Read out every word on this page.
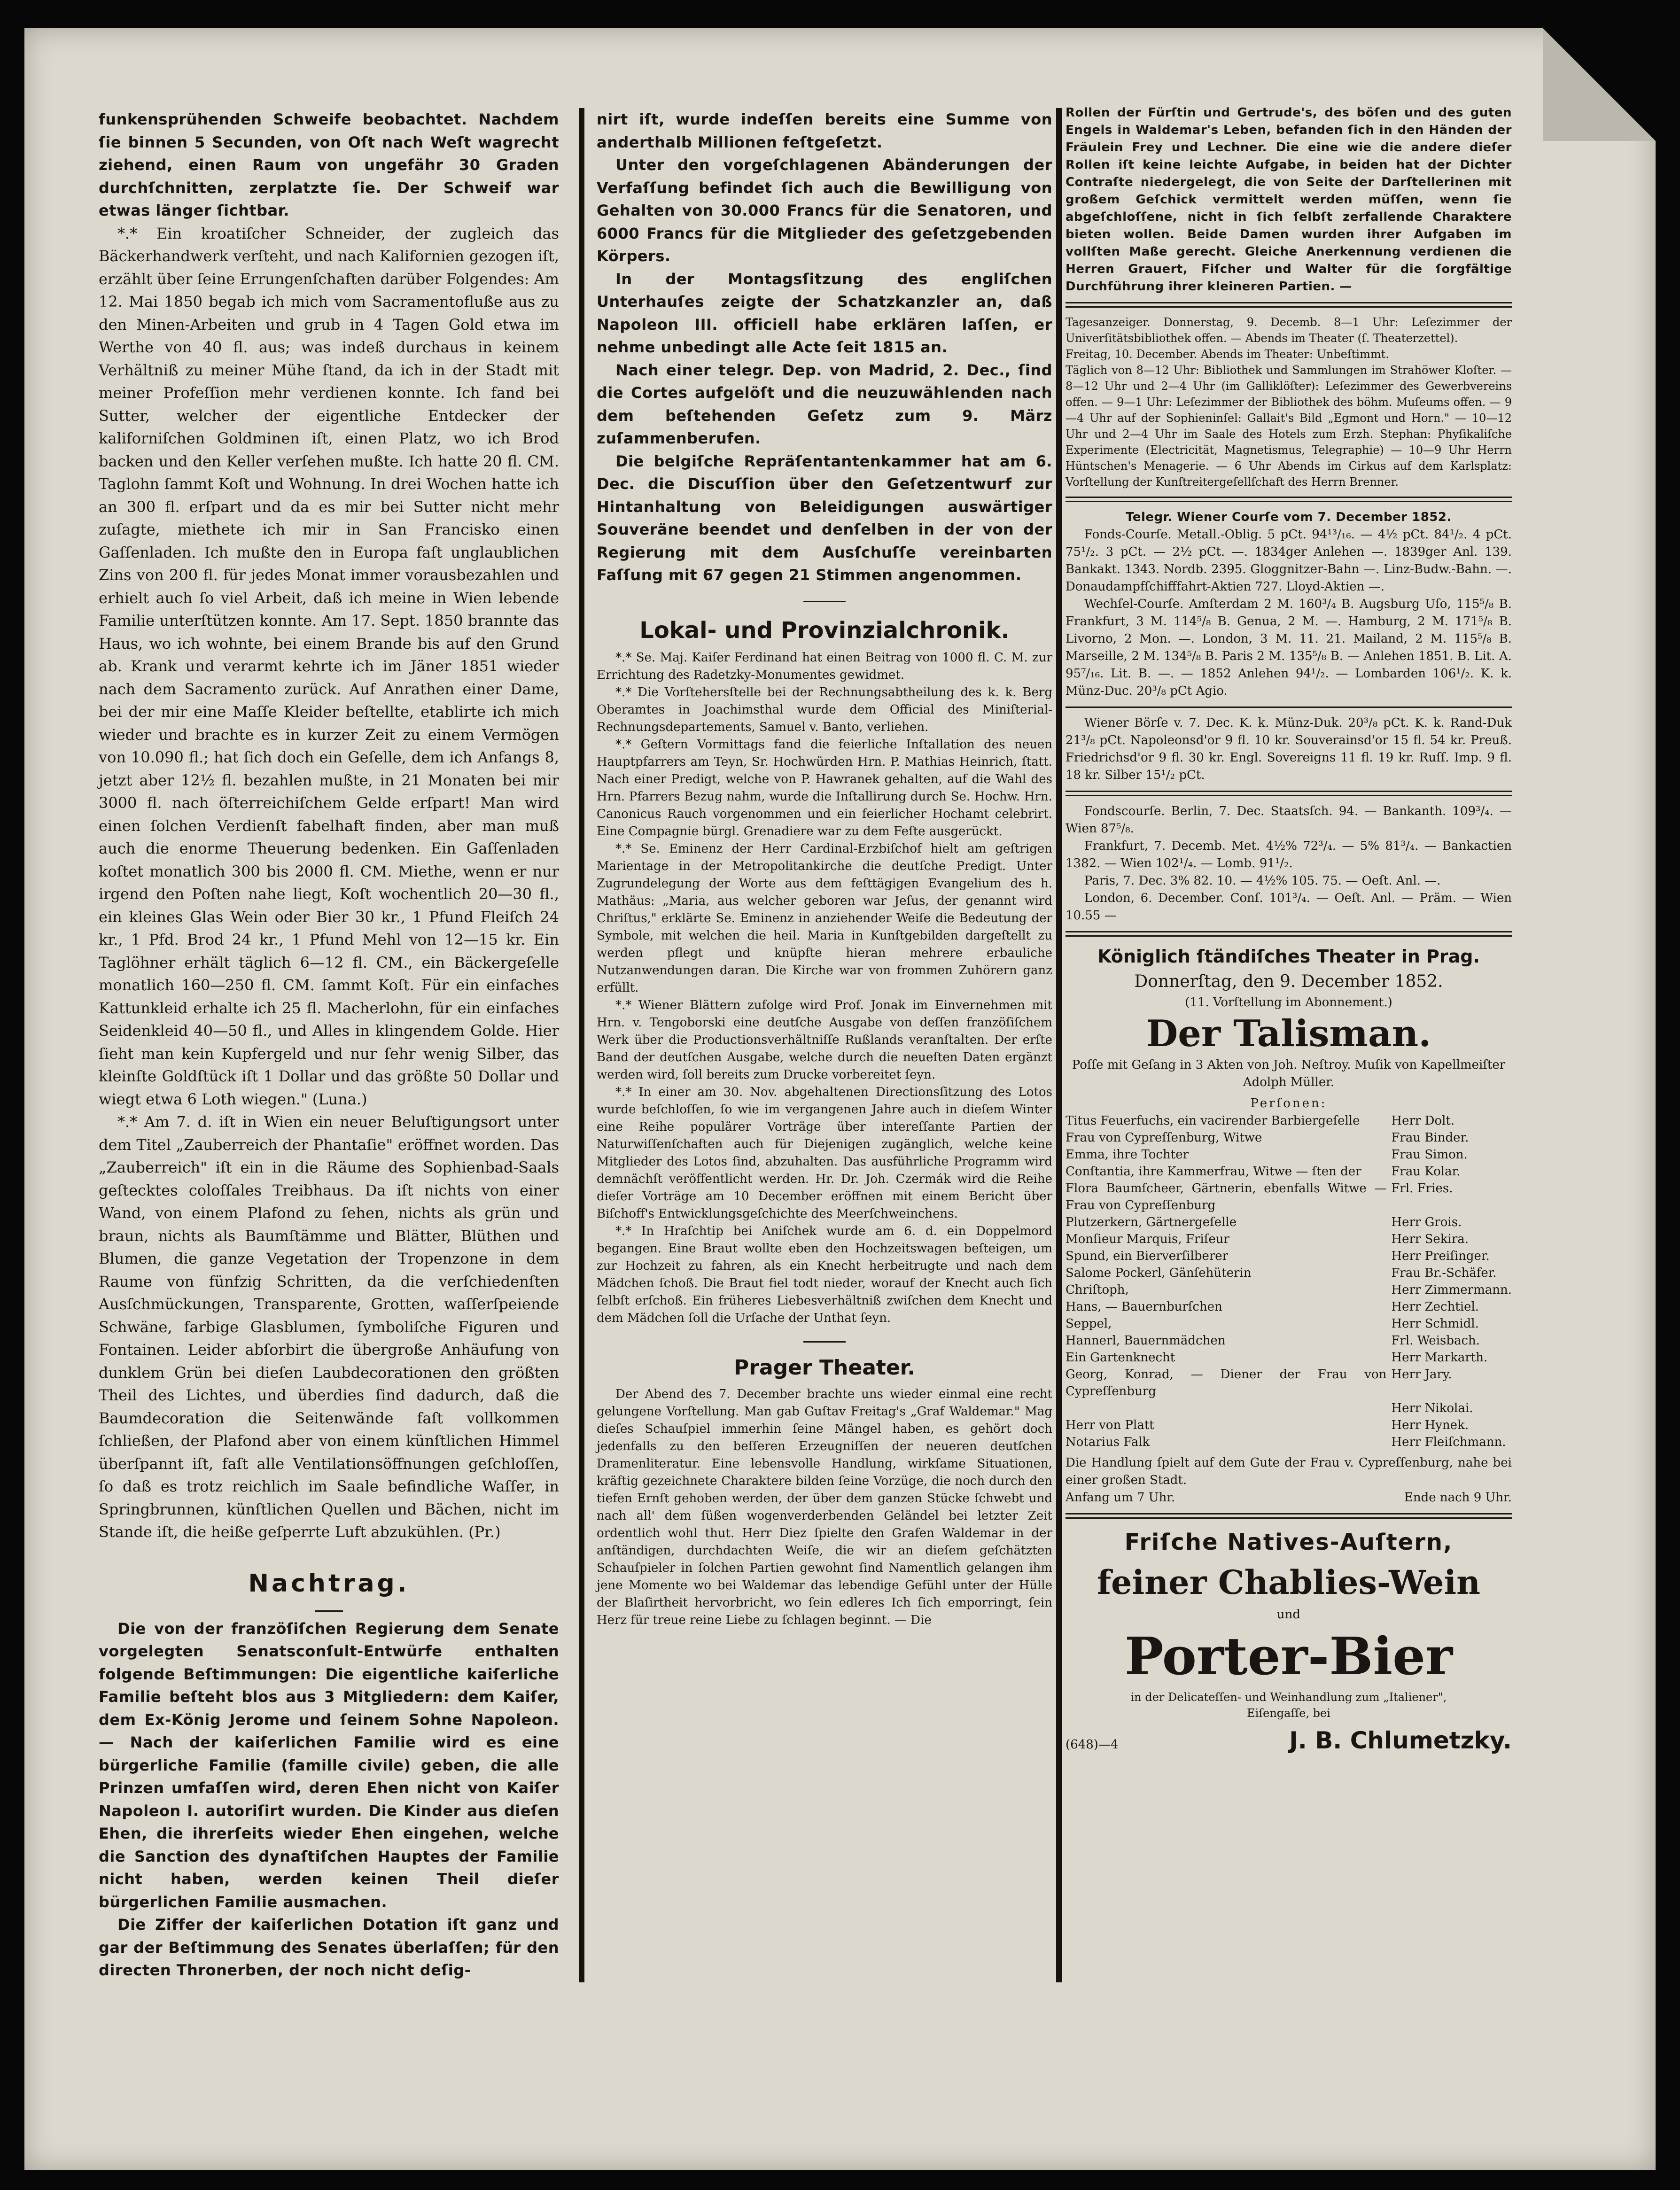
funkensprühenden Schweife beobachtet. Nachdem ſie binnen 5 Secunden, von Oſt nach Weſt wagrecht ziehend, einen Raum von ungefähr 30 Graden durchſchnitten, zerplatzte ſie. Der Schweif war etwas länger ſichtbar.

*.* Ein kroatiſcher Schneider, der zugleich das Bäckerhandwerk verſteht, und nach Kalifornien gezogen iſt, erzählt über ſeine Errungenſchaften darüber Folgendes: Am 12. Mai 1850 begab ich mich vom Sacramentofluße aus zu den Minen-Arbeiten und grub in 4 Tagen Gold etwa im Werthe von 40 fl. aus; was indeß durchaus in keinem Verhältniß zu meiner Mühe ſtand, da ich in der Stadt mit meiner Profeſſion mehr verdienen konnte. Ich fand bei Sutter, welcher der eigentliche Entdecker der kaliforniſchen Goldminen iſt, einen Platz, wo ich Brod backen und den Keller verſehen mußte. Ich hatte 20 fl. CM. Taglohn ſammt Koſt und Wohnung. In drei Wochen hatte ich an 300 fl. erſpart und da es mir bei Sutter nicht mehr zuſagte, miethete ich mir in San Francisko einen Gaſſenladen. Ich mußte den in Europa faſt unglaublichen Zins von 200 fl. für jedes Monat immer vorausbezahlen und erhielt auch ſo viel Arbeit, daß ich meine in Wien lebende Familie unterſtützen konnte. Am 17. Sept. 1850 brannte das Haus, wo ich wohnte, bei einem Brande bis auf den Grund ab. Krank und verarmt kehrte ich im Jäner 1851 wieder nach dem Sacramento zurück. Auf Anrathen einer Dame, bei der mir eine Maſſe Kleider beſtellte, etablirte ich mich wieder und brachte es in kurzer Zeit zu einem Vermögen von 10.090 fl.; hat ſich doch ein Geſelle, dem ich Anfangs 8, jetzt aber 12½ fl. bezahlen mußte, in 21 Monaten bei mir 3000 fl. nach öſterreichiſchem Gelde erſpart! Man wird einen ſolchen Verdienſt fabelhaft finden, aber man muß auch die enorme Theuerung bedenken. Ein Gaſſenladen koſtet monatlich 300 bis 2000 fl. CM. Miethe, wenn er nur irgend den Poſten nahe liegt, Koſt wochentlich 20—30 fl., ein kleines Glas Wein oder Bier 30 kr., 1 Pfund Fleiſch 24 kr., 1 Pfd. Brod 24 kr., 1 Pfund Mehl von 12—15 kr. Ein Taglöhner erhält täglich 6—12 fl. CM., ein Bäckergeſelle monatlich 160—250 fl. CM. ſammt Koſt. Für ein einfaches Kattunkleid erhalte ich 25 fl. Macherlohn, für ein einfaches Seidenkleid 40—50 fl., und Alles in klingendem Golde. Hier ſieht man kein Kupfergeld und nur ſehr wenig Silber, das kleinſte Goldſtück iſt 1 Dollar und das größte 50 Dollar und wiegt etwa 6 Loth wiegen." (Luna.)

*.* Am 7. d. iſt in Wien ein neuer Beluſtigungsort unter dem Titel „Zauberreich der Phantaſie" eröffnet worden. Das „Zauberreich" iſt ein in die Räume des Sophienbad-Saals geſtecktes coloſſales Treibhaus. Da iſt nichts von einer Wand, von einem Plafond zu ſehen, nichts als grün und braun, nichts als Baumſtämme und Blätter, Blüthen und Blumen, die ganze Vegetation der Tropenzone in dem Raume von fünfzig Schritten, da die verſchiedenſten Ausſchmückungen, Transparente, Grotten, waſſerſpeiende Schwäne, farbige Glasblumen, ſymboliſche Figuren und Fontainen. Leider abſorbirt die übergroße Anhäufung von dunklem Grün bei dieſen Laubdecorationen den größten Theil des Lichtes, und überdies ſind dadurch, daß die Baumdecoration die Seitenwände faſt vollkommen ſchließen, der Plafond aber von einem künſtlichen Himmel überſpannt iſt, faſt alle Ventilationsöffnungen geſchloſſen, ſo daß es trotz reichlich im Saale befindliche Waſſer, in Springbrunnen, künſtlichen Quellen und Bächen, nicht im Stande iſt, die heiße geſperrte Luft abzukühlen. (Pr.)

Nachtrag.

Die von der franzöſiſchen Regierung dem Senate vorgelegten Senatsconſult-Entwürfe enthalten folgende Beſtimmungen: Die eigentliche kaiſerliche Familie beſteht blos aus 3 Mitgliedern: dem Kaiſer, dem Ex-König Jerome und ſeinem Sohne Napoleon. — Nach der kaiſerlichen Familie wird es eine bürgerliche Familie (famille civile) geben, die alle Prinzen umfaſſen wird, deren Ehen nicht von Kaiſer Napoleon I. autoriſirt wurden. Die Kinder aus dieſen Ehen, die ihrerſeits wieder Ehen eingehen, welche die Sanction des dynaſtiſchen Hauptes der Familie nicht haben, werden keinen Theil dieſer bürgerlichen Familie ausmachen.

Die Ziffer der kaiſerlichen Dotation iſt ganz und gar der Beſtimmung des Senates überlaſſen; für den directen Thronerben, der noch nicht deſig-

nirt iſt, wurde indeſſen bereits eine Summe von anderthalb Millionen feſtgeſetzt.

Unter den vorgeſchlagenen Abänderungen der Verfaſſung befindet ſich auch die Bewilligung von Gehalten von 30.000 Francs für die Senatoren, und 6000 Francs für die Mitglieder des geſetzgebenden Körpers.

In der Montagsſitzung des engliſchen Unterhauſes zeigte der Schatzkanzler an, daß Napoleon III. officiell habe erklären laſſen, er nehme unbedingt alle Acte ſeit 1815 an.

Nach einer telegr. Dep. von Madrid, 2. Dec., ſind die Cortes aufgelöſt und die neuzuwählenden nach dem beſtehenden Geſetz zum 9. März zuſammenberufen.

Die belgiſche Repräſentantenkammer hat am 6. Dec. die Discuſſion über den Geſetzentwurf zur Hintanhaltung von Beleidigungen auswärtiger Souveräne beendet und denſelben in der von der Regierung mit dem Ausſchuſſe vereinbarten Faſſung mit 67 gegen 21 Stimmen angenommen.

Lokal- und Provinzialchronik.

*.* Se. Maj. Kaiſer Ferdinand hat einen Beitrag von 1000 fl. C. M. zur Errichtung des Radetzky-Monumentes gewidmet.

*.* Die Vorſtehersſtelle bei der Rechnungsabtheilung des k. k. Berg Oberamtes in Joachimsthal wurde dem Official des Miniſterial-Rechnungsdepartements, Samuel v. Banto, verliehen.

*.* Geſtern Vormittags fand die feierliche Inſtallation des neuen Hauptpfarrers am Teyn, Sr. Hochwürden Hrn. P. Mathias Heinrich, ſtatt. Nach einer Predigt, welche von P. Hawranek gehalten, auf die Wahl des Hrn. Pfarrers Bezug nahm, wurde die Inſtallirung durch Se. Hochw. Hrn. Canonicus Rauch vorgenommen und ein feierlicher Hochamt celebrirt. Eine Compagnie bürgl. Grenadiere war zu dem Feſte ausgerückt.

*.* Se. Eminenz der Herr Cardinal-Erzbiſchof hielt am geſtrigen Marientage in der Metropolitankirche die deutſche Predigt. Unter Zugrundelegung der Worte aus dem feſttägigen Evangelium des h. Mathäus: „Maria, aus welcher geboren war Jeſus, der genannt wird Chriſtus," erklärte Se. Eminenz in anziehender Weiſe die Bedeutung der Symbole, mit welchen die heil. Maria in Kunſtgebilden dargeſtellt zu werden pflegt und knüpfte hieran mehrere erbauliche Nutzanwendungen daran. Die Kirche war von frommen Zuhörern ganz erfüllt.

*.* Wiener Blättern zufolge wird Prof. Jonak im Einvernehmen mit Hrn. v. Tengoborski eine deutſche Ausgabe von deſſen franzöſiſchem Werk über die Productionsverhältniſſe Rußlands veranſtalten. Der erſte Band der deutſchen Ausgabe, welche durch die neueſten Daten ergänzt werden wird, ſoll bereits zum Drucke vorbereitet ſeyn.

*.* In einer am 30. Nov. abgehaltenen Directionsſitzung des Lotos wurde beſchloſſen, ſo wie im vergangenen Jahre auch in dieſem Winter eine Reihe populärer Vorträge über intereſſante Partien der Naturwiſſenſchaften auch für Diejenigen zugänglich, welche keine Mitglieder des Lotos ſind, abzuhalten. Das ausführliche Programm wird demnächſt veröffentlicht werden. Hr. Dr. Joh. Czermák wird die Reihe dieſer Vorträge am 10 December eröffnen mit einem Bericht über Biſchoff's Entwicklungsgeſchichte des Meerſchweinchens.

*.* In Hraſchtip bei Aniſchek wurde am 6. d. ein Doppelmord begangen. Eine Braut wollte eben den Hochzeitswagen beſteigen, um zur Hochzeit zu fahren, als ein Knecht herbeitrugte und nach dem Mädchen ſchoß. Die Braut fiel todt nieder, worauf der Knecht auch ſich ſelbſt erſchoß. Ein früheres Liebesverhältniß zwiſchen dem Knecht und dem Mädchen ſoll die Urſache der Unthat ſeyn.

Prager Theater.

Der Abend des 7. December brachte uns wieder einmal eine recht gelungene Vorſtellung. Man gab Guſtav Freitag's „Graf Waldemar." Mag dieſes Schauſpiel immerhin ſeine Mängel haben, es gehört doch jedenfalls zu den beſſeren Erzeugniſſen der neueren deutſchen Dramenliteratur. Eine lebensvolle Handlung, wirkſame Situationen, kräftig gezeichnete Charaktere bilden ſeine Vorzüge, die noch durch den tiefen Ernſt gehoben werden, der über dem ganzen Stücke ſchwebt und nach all' dem ſüßen wogenverderbenden Geländel bei letzter Zeit ordentlich wohl thut. Herr Diez ſpielte den Grafen Waldemar in der anſtändigen, durchdachten Weiſe, die wir an dieſem geſchätzten Schauſpieler in ſolchen Partien gewohnt ſind Namentlich gelangen ihm jene Momente wo bei Waldemar das lebendige Gefühl unter der Hülle der Blaſirtheit hervorbricht, wo ſein edleres Ich ſich emporringt, ſein Herz für treue reine Liebe zu ſchlagen beginnt. — Die

Rollen der Fürſtin und Gertrude's, des böſen und des guten Engels in Waldemar's Leben, befanden ſich in den Händen der Fräulein Frey und Lechner. Die eine wie die andere dieſer Rollen iſt keine leichte Aufgabe, in beiden hat der Dichter Contraſte niedergelegt, die von Seite der Darſtellerinen mit großem Geſchick vermittelt werden müſſen, wenn ſie abgeſchloſſene, nicht in ſich ſelbſt zerfallende Charaktere bieten wollen. Beide Damen wurden ihrer Aufgaben im vollſten Maße gerecht. Gleiche Anerkennung verdienen die Herren Grauert, Fiſcher und Walter für die ſorgfältige Durchführung ihrer kleineren Partien. —

Tagesanzeiger. Donnerstag, 9. Decemb. 8—1 Uhr: Leſezimmer der Univerſitätsbibliothek offen. — Abends im Theater (ſ. Theaterzettel).

Freitag, 10. December. Abends im Theater: Unbeſtimmt.

Täglich von 8—12 Uhr: Bibliothek und Sammlungen im Strahöwer Kloſter. — 8—12 Uhr und 2—4 Uhr (im Galliklöſter): Leſezimmer des Gewerbvereins offen. — 9—1 Uhr: Leſezimmer der Bibliothek des böhm. Muſeums offen. — 9—4 Uhr auf der Sophieninſel: Gallait's Bild „Egmont und Horn." — 10—12 Uhr und 2—4 Uhr im Saale des Hotels zum Erzh. Stephan: Phyſikaliſche Experimente (Electricität, Magnetismus, Telegraphie) — 10—9 Uhr Herrn Hüntschen's Menagerie. — 6 Uhr Abends im Cirkus auf dem Karlsplatz: Vorſtellung der Kunſtreitergeſellſchaft des Herrn Brenner.

Telegr. Wiener Courſe vom 7. December 1852.

Fonds-Courſe. Metall.-Oblig. 5 pCt. 94¹³/₁₆. — 4½ pCt. 84¹/₂. 4 pCt. 75¹/₂. 3 pCt. — 2½ pCt. —. 1834ger Anlehen —. 1839ger Anl. 139. Bankakt. 1343. Nordb. 2395. Gloggnitzer-Bahn —. Linz-Budw.-Bahn. —. Donaudampfſchifffahrt-Aktien 727. Lloyd-Aktien —.

Wechſel-Courſe. Amſterdam 2 M. 160³/₄ B. Augsburg Uſo, 115⁵/₈ B. Frankfurt, 3 M. 114⁵/₈ B. Genua, 2 M. —. Hamburg, 2 M. 171⁵/₈ B. Livorno, 2 Mon. —. London, 3 M. 11. 21. Mailand, 2 M. 115⁵/₈ B. Marseille, 2 M. 134⁵/₈ B. Paris 2 M. 135⁵/₈ B. — Anlehen 1851. B. Lit. A. 95⁷/₁₆. Lit. B. —. — 1852 Anlehen 94¹/₂. — Lombarden 106¹/₂. K. k. Münz-Duc. 20³/₈ pCt Agio.

Wiener Börſe v. 7. Dec. K. k. Münz-Duk. 20³/₈ pCt. K. k. Rand-Duk 21³/₈ pCt. Napoleonsd'or 9 fl. 10 kr. Souverainsd'or 15 fl. 54 kr. Preuß. Friedrichsd'or 9 fl. 30 kr. Engl. Sovereigns 11 fl. 19 kr. Ruſſ. Imp. 9 fl. 18 kr. Silber 15¹/₂ pCt.

Fondscourſe. Berlin, 7. Dec. Staatsſch. 94. — Bankanth. 109³/₄. — Wien 87⁵/₈.

Frankfurt, 7. Decemb. Met. 4½% 72³/₄. — 5% 81³/₄. — Bankactien 1382. — Wien 102¹/₄. — Lomb. 91¹/₂.

Paris, 7. Dec. 3% 82. 10. — 4½% 105. 75. — Oeſt. Anl. —.

London, 6. December. Conſ. 101³/₄. — Oeſt. Anl. — Präm. — Wien 10.55 —

Königlich ſtändiſches Theater in Prag.
Donnerſtag, den 9. December 1852.
(11. Vorſtellung im Abonnement.)
Der Talisman.

Poſſe mit Geſang in 3 Akten von Joh. Neſtroy. Muſik von Kapellmeiſter Adolph Müller.

Perſonen:
Titus Feuerfuchs, ein vacirender Barbiergeſelle	Herr Dolt.
Frau von Cypreſſenburg, Witwe	Frau Binder.
Emma, ihre Tochter	Frau Simon.
Conſtantia, ihre Kammerfrau, Witwe — ſten der	Frau Kolar.
Flora Baumſcheer, Gärtnerin, ebenfalls Witwe — Frau von Cypreſſenburg	Frl. Fries.
Plutzerkern, Gärtnergeſelle	Herr Grois.
Monſieur Marquis, Friſeur	Herr Sekira.
Spund, ein Bierverſilberer	Herr Preiſinger.
Salome Pockerl, Gänſehüterin	Frau Br.-Schäfer.
Chriſtoph,	Herr Zimmermann.
Hans, — Bauernburſchen	Herr Zechtiel.
Seppel,	Herr Schmidl.
Hannerl, Bauernmädchen	Frl. Weisbach.
Ein Gartenknecht	Herr Markarth.
Georg, Konrad, — Diener der Frau von Cypreſſenburg	Herr Jary.
	Herr Nikolai.
Herr von Platt	Herr Hynek.
Notarius Falk	Herr Fleiſchmann.

Die Handlung ſpielt auf dem Gute der Frau v. Cypreſſenburg, nahe bei einer großen Stadt.

Anfang um 7 Uhr.	Ende nach 9 Uhr.
Friſche Natives-Auſtern,
feiner Chablies-Wein
und
Porter-Bier
in der Delicateſſen- und Weinhandlung zum „Italiener",
Eiſengaſſe, bei
(648)—4	J. B. Chlumetzky.
